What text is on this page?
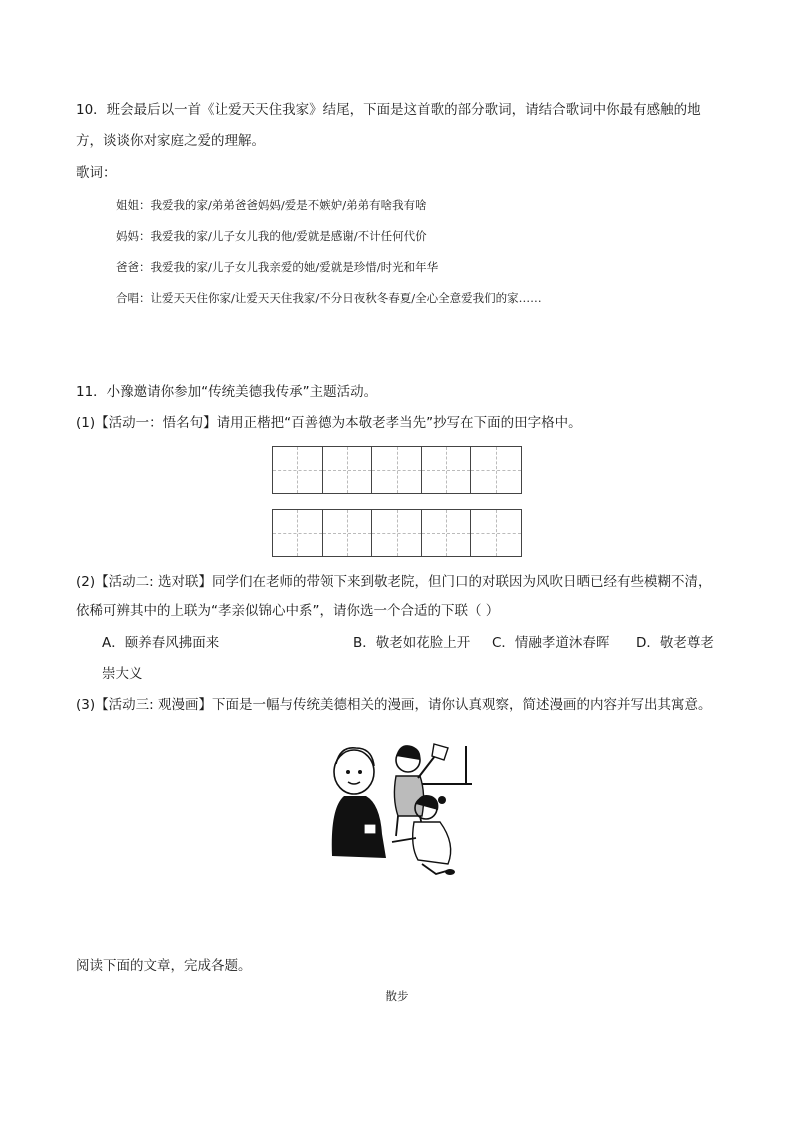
10．班会最后以一首《让爱天天住我家》结尾，下面是这首歌的部分歌词，请结合歌词中你最有感触的地
方，谈谈你对家庭之爱的理解。
歌词：
姐姐：我爱我的家/弟弟爸爸妈妈/爱是不嫉妒/弟弟有啥我有啥
妈妈：我爱我的家/儿子女儿我的他/爱就是感谢/不计任何代价
爸爸：我爱我的家/儿子女儿我亲爱的她/爱就是珍惜/时光和年华
合唱：让爱天天住你家/让爱天天住我家/不分日夜秋冬春夏/全心全意爱我们的家……
11．小豫邀请你参加“传统美德我传承”主题活动。
(1)【活动一：悟名句】请用正楷把“百善德为本敬老孝当先”抄写在下面的田字格中。
(2)【活动二: 选对联】同学们在老师的带领下来到敬老院，但门口的对联因为风吹日晒已经有些模糊不清，
依稀可辨其中的上联为“孝亲似锦心中系”，请你选一个合适的下联（ ）
A．颐养春风拂面来	B．敬老如花脸上开 C．情融孝道沐春晖 D．敬老尊老
崇大义
(3)【活动三: 观漫画】下面是一幅与传统美德相关的漫画，请你认真观察，简述漫画的内容并写出其寓意。
阅读下面的文章，完成各题。
散步
